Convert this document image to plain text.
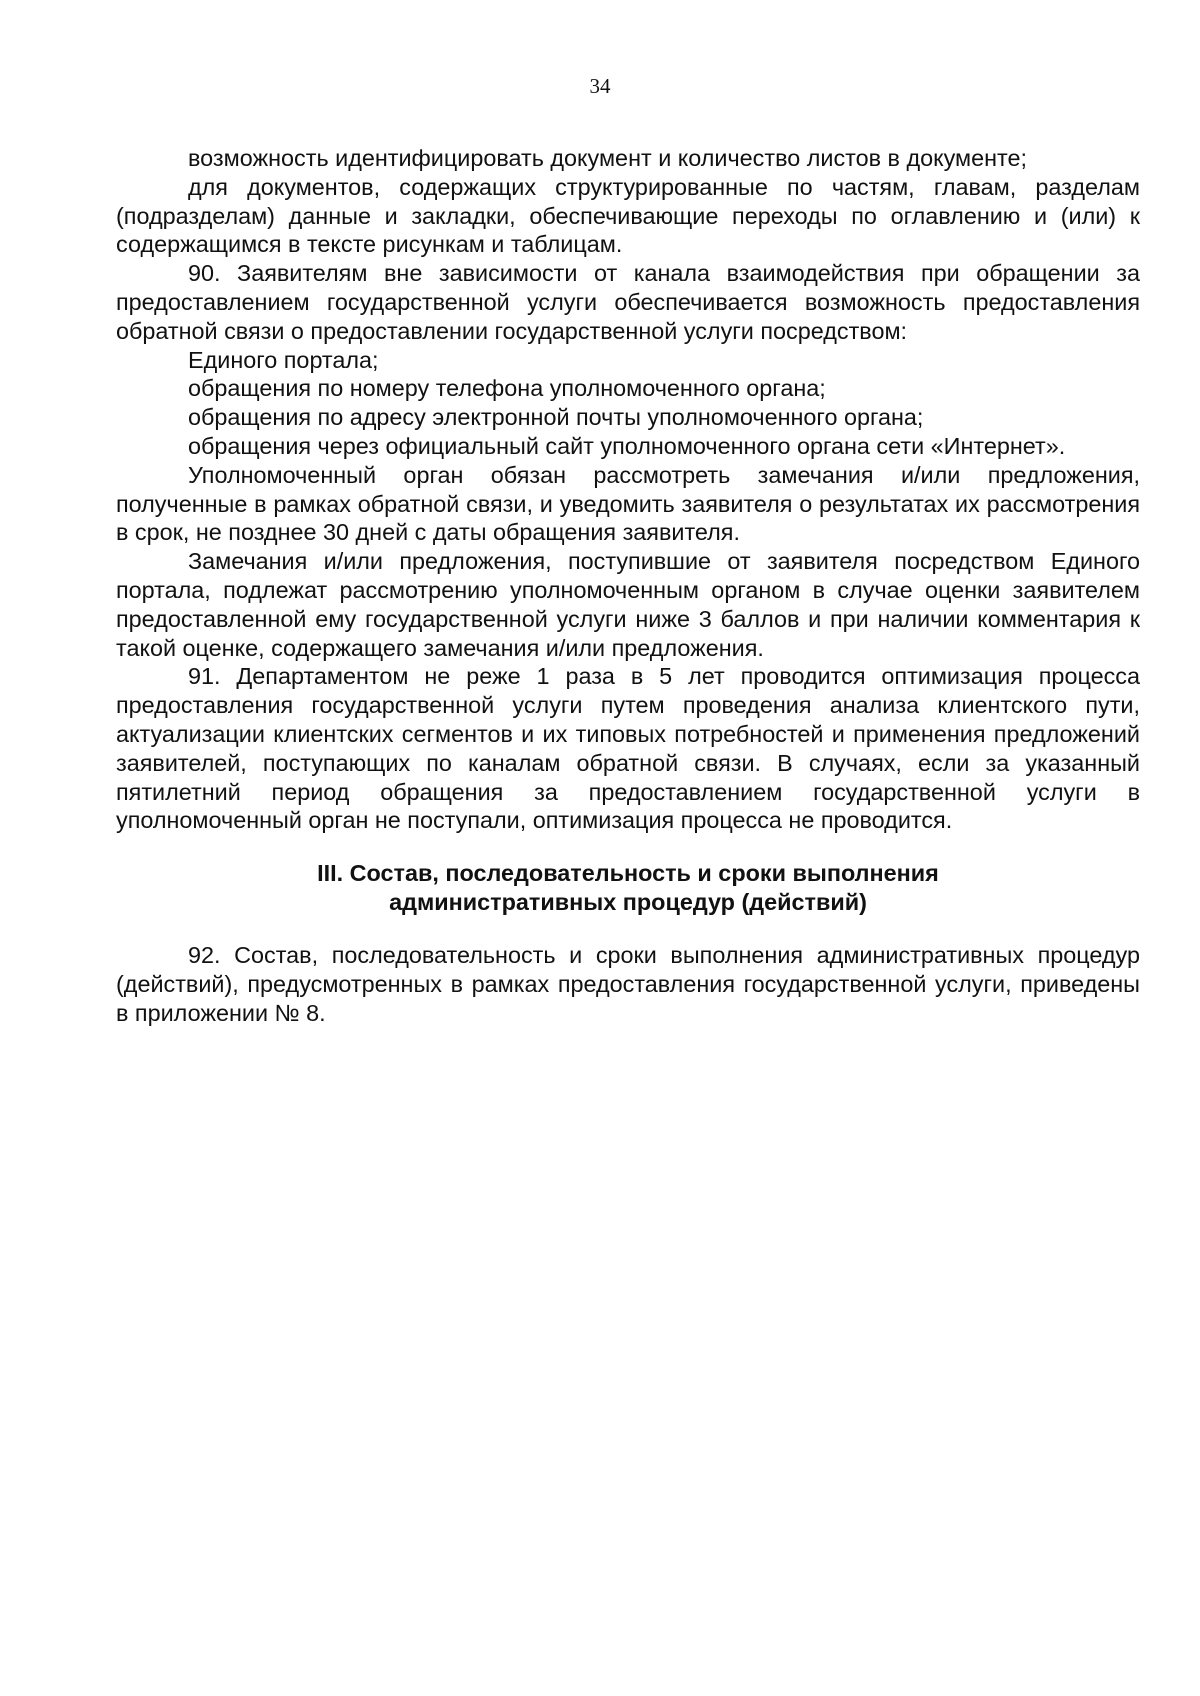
34

возможность идентифицировать документ и количество листов в документе;

для документов, содержащих структурированные по частям, главам, разделам (подразделам) данные и закладки, обеспечивающие переходы по оглавлению и (или) к содержащимся в тексте рисункам и таблицам.

90. Заявителям вне зависимости от канала взаимодействия при обращении за предоставлением государственной услуги обеспечивается возможность предоставления обратной связи о предоставлении государственной услуги посредством:

Единого портала;

обращения по номеру телефона уполномоченного органа;

обращения по адресу электронной почты уполномоченного органа;

обращения через официальный сайт уполномоченного органа сети «Интернет».

Уполномоченный орган обязан рассмотреть замечания и/или предложения, полученные в рамках обратной связи, и уведомить заявителя о результатах их рассмотрения в срок, не позднее 30 дней с даты обращения заявителя.

Замечания и/или предложения, поступившие от заявителя посредством Единого портала, подлежат рассмотрению уполномоченным органом в случае оценки заявителем предоставленной ему государственной услуги ниже 3 баллов и при наличии комментария к такой оценке, содержащего замечания и/или предложения.

91. Департаментом не реже 1 раза в 5 лет проводится оптимизация процесса предоставления государственной услуги путем проведения анализа клиентского пути, актуализации клиентских сегментов и их типовых потребностей и применения предложений заявителей, поступающих по каналам обратной связи. В случаях, если за указанный пятилетний период обращения за предоставлением государственной услуги в уполномоченный орган не поступали, оптимизация процесса не проводится.

III. Состав, последовательность и сроки выполнения
административных процедур (действий)

92. Состав, последовательность и сроки выполнения административных процедур (действий), предусмотренных в рамках предоставления государственной услуги, приведены в приложении № 8.
